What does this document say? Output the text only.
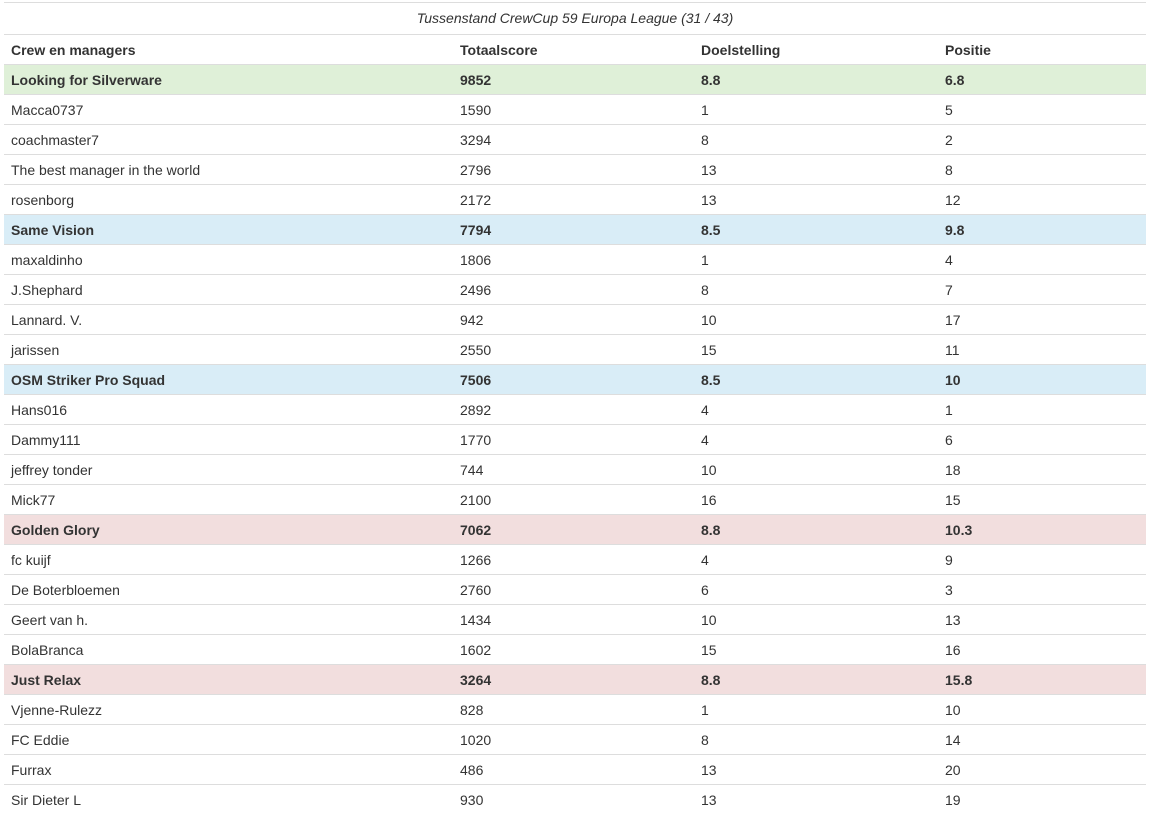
Tussenstand CrewCup 59 Europa League (31 / 43)
Crew en managers	Totaalscore	Doelstelling	Positie
Looking for Silverware	9852	8.8	6.8
Macca0737	1590	1	5
coachmaster7	3294	8	2
The best manager in the world	2796	13	8
rosenborg	2172	13	12
Same Vision	7794	8.5	9.8
maxaldinho	1806	1	4
J.Shephard	2496	8	7
Lannard. V.	942	10	17
jarissen	2550	15	11
OSM Striker Pro Squad	7506	8.5	10
Hans016	2892	4	1
Dammy111	1770	4	6
jeffrey tonder	744	10	18
Mick77	2100	16	15
Golden Glory	7062	8.8	10.3
fc kuijf	1266	4	9
De Boterbloemen	2760	6	3
Geert van h.	1434	10	13
BolaBranca	1602	15	16
Just Relax	3264	8.8	15.8
Vjenne-Rulezz	828	1	10
FC Eddie	1020	8	14
Furrax	486	13	20
Sir Dieter L	930	13	19
